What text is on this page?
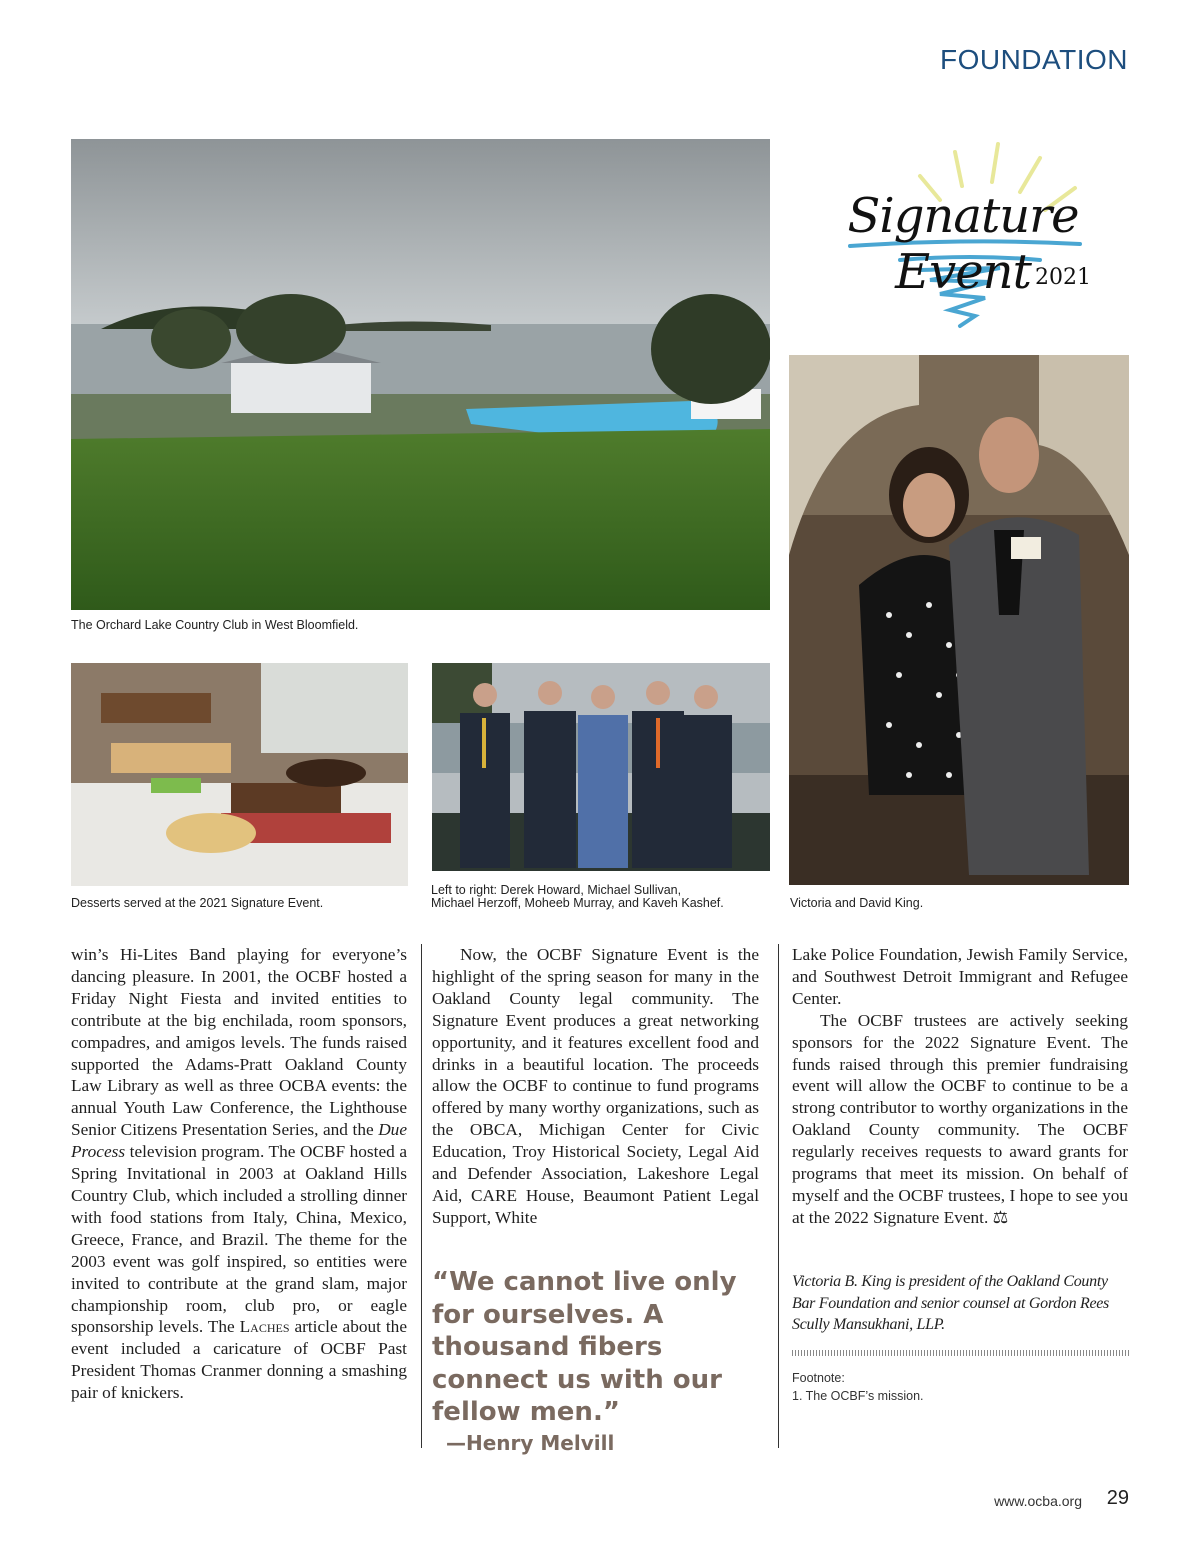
FOUNDATION
The Orchard Lake Country Club in West Bloomfield.
Signature Event 2021
Victoria and David King.
Desserts served at the 2021 Signature Event.
Left to right: Derek Howard, Michael Sullivan,
Michael Herzoff, Moheeb Murray, and Kaveh Kashef.

win’s Hi-Lites Band playing for everyone’s dancing pleasure. In 2001, the OCBF hosted a Friday Night Fiesta and invited entities to contribute at the big enchilada, room sponsors, compadres, and amigos levels. The funds raised supported the Adams-Pratt Oakland County Law Library as well as three OCBA events: the annual Youth Law Conference, the Lighthouse Senior Citizens Presentation Series, and the Due Process television program. The OCBF hosted a Spring Invitational in 2003 at Oakland Hills Country Club, which included a strolling dinner with food stations from Italy, China, Mexico, Greece, France, and Brazil. The theme for the 2003 event was golf inspired, so entities were invited to contribute at the grand slam, major championship room, club pro, or eagle sponsorship levels. The Laches article about the event included a caricature of OCBF Past President Thomas Cranmer donning a smashing pair of knickers.

Now, the OCBF Signature Event is the highlight of the spring season for many in the Oakland County legal community. The Signature Event produces a great networking opportunity, and it features excellent food and drinks in a beautiful location. The proceeds allow the OCBF to continue to fund programs offered by many worthy organizations, such as the OBCA, Michigan Center for Civic Education, Troy Historical Society, Legal Aid and Defender Association, Lakeshore Legal Aid, CARE House, Beaumont Patient Legal Support, White

“We cannot live only for ourselves. A thousand fibers connect us with our fellow men.”
—Henry Melvill

Lake Police Foundation, Jewish Family Service, and Southwest Detroit Immigrant and Refugee Center.

The OCBF trustees are actively seeking sponsors for the 2022 Signature Event. The funds raised through this premier fundraising event will allow the OCBF to continue to be a strong contributor to worthy organizations in the Oakland County community. The OCBF regularly receives requests to award grants for programs that meet its mission. On behalf of myself and the OCBF trustees, I hope to see you at the 2022 Signature Event. ⚖

Victoria B. King is president of the Oakland County Bar Foundation and senior counsel at Gordon Rees Scully Mansukhani, LLP.
Footnote:
1. The OCBF’s mission.
www.ocba.org 29
